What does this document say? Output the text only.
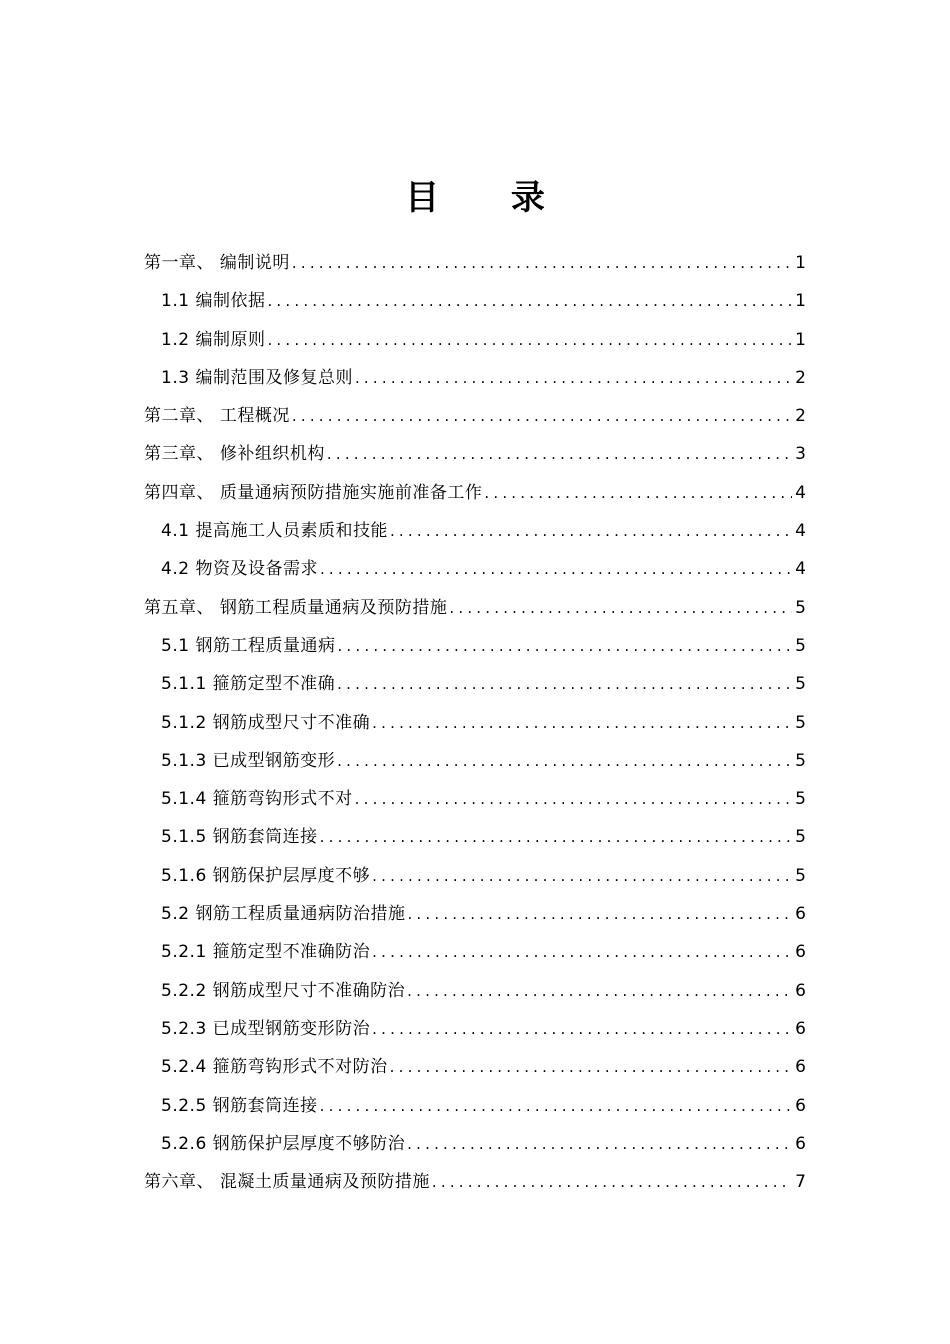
目 录
第一章、 编制说明 .....	1
1.1 编制依据 .....	1
1.2 编制原则 .....	1
1.3 编制范围及修复总则 .....	2
第二章、 工程概况 .....	2
第三章、 修补组织机构 .....	3
第四章、 质量通病预防措施实施前准备工作 .....	4
4.1 提高施工人员素质和技能 .....	4
4.2 物资及设备需求 .....	4
第五章、 钢筋工程质量通病及预防措施 .....	5
5.1 钢筋工程质量通病 .....	5
5.1.1 箍筋定型不准确 .....	5
5.1.2 钢筋成型尺寸不准确 .....	5
5.1.3 已成型钢筋变形 .....	5
5.1.4 箍筋弯钩形式不对 .....	5
5.1.5 钢筋套筒连接 .....	5
5.1.6 钢筋保护层厚度不够 .....	5
5.2 钢筋工程质量通病防治措施 .....	6
5.2.1 箍筋定型不准确防治 .....	6
5.2.2 钢筋成型尺寸不准确防治 .....	6
5.2.3 已成型钢筋变形防治 .....	6
5.2.4 箍筋弯钩形式不对防治 .....	6
5.2.5 钢筋套筒连接 .....	6
5.2.6 钢筋保护层厚度不够防治 .....	6
第六章、 混凝土质量通病及预防措施 .....	7
